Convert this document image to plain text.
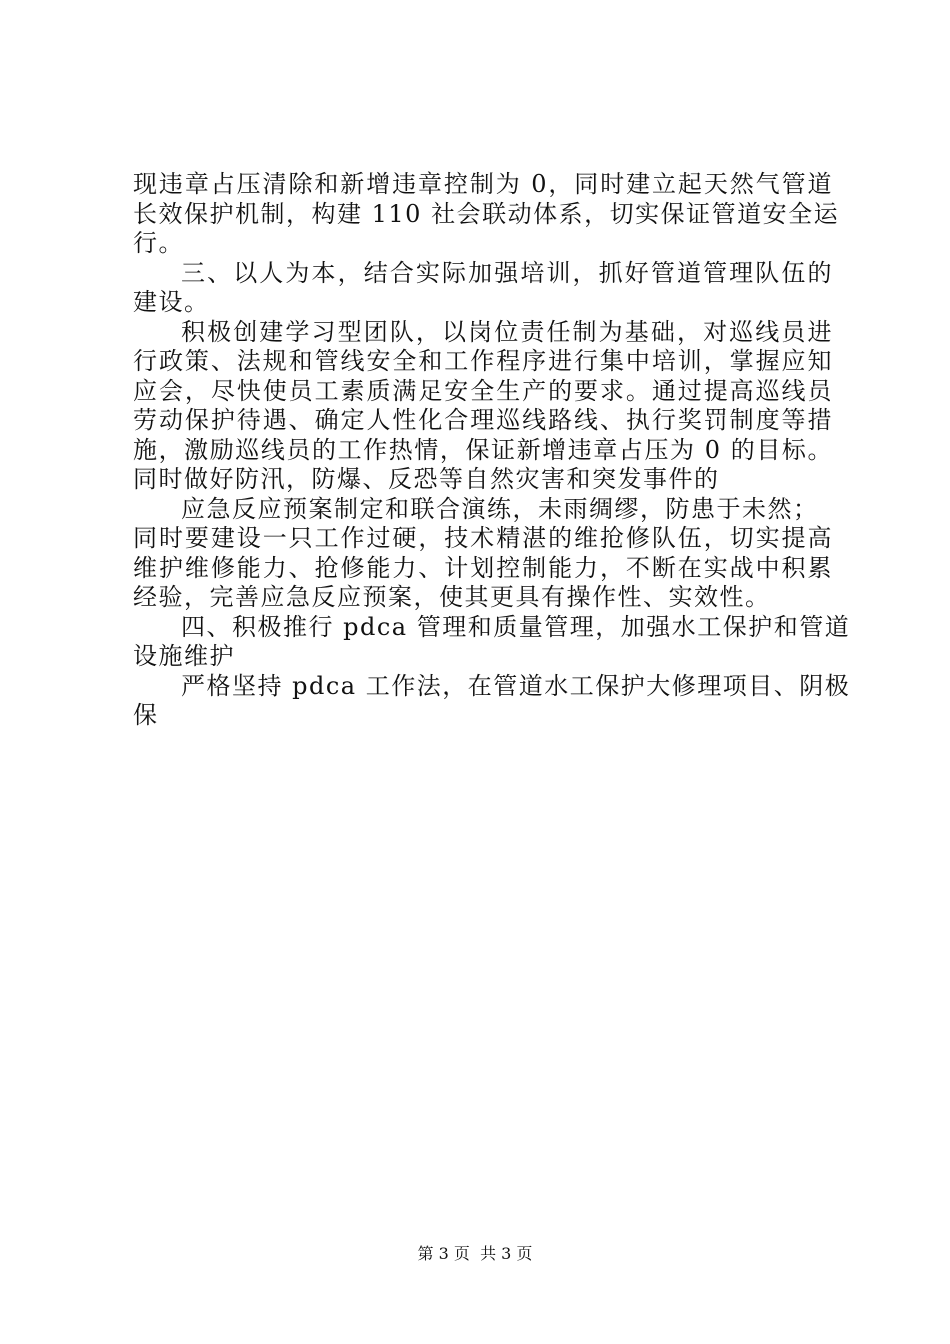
现违章占压清除和新增违章控制为 0，同时建立起天然气管道
长效保护机制，构建 110 社会联动体系，切实保证管道安全运
行。
三、以人为本，结合实际加强培训，抓好管道管理队伍的
建设。
积极创建学习型团队，以岗位责任制为基础，对巡线员进
行政策、法规和管线安全和工作程序进行集中培训，掌握应知
应会，尽快使员工素质满足安全生产的要求。通过提高巡线员
劳动保护待遇、确定人性化合理巡线路线、执行奖罚制度等措
施，激励巡线员的工作热情，保证新增违章占压为 0 的目标。
同时做好防汛，防爆、反恐等自然灾害和突发事件的
应急反应预案制定和联合演练，未雨绸缪，防患于未然；
同时要建设一只工作过硬，技术精湛的维抢修队伍，切实提高
维护维修能力、抢修能力、计划控制能力，不断在实战中积累
经验，完善应急反应预案，使其更具有操作性、实效性。
四、积极推行 pdca 管理和质量管理，加强水工保护和管道
设施维护
严格坚持 pdca 工作法，在管道水工保护大修理项目、阴极
保
第 3 页  共 3 页
